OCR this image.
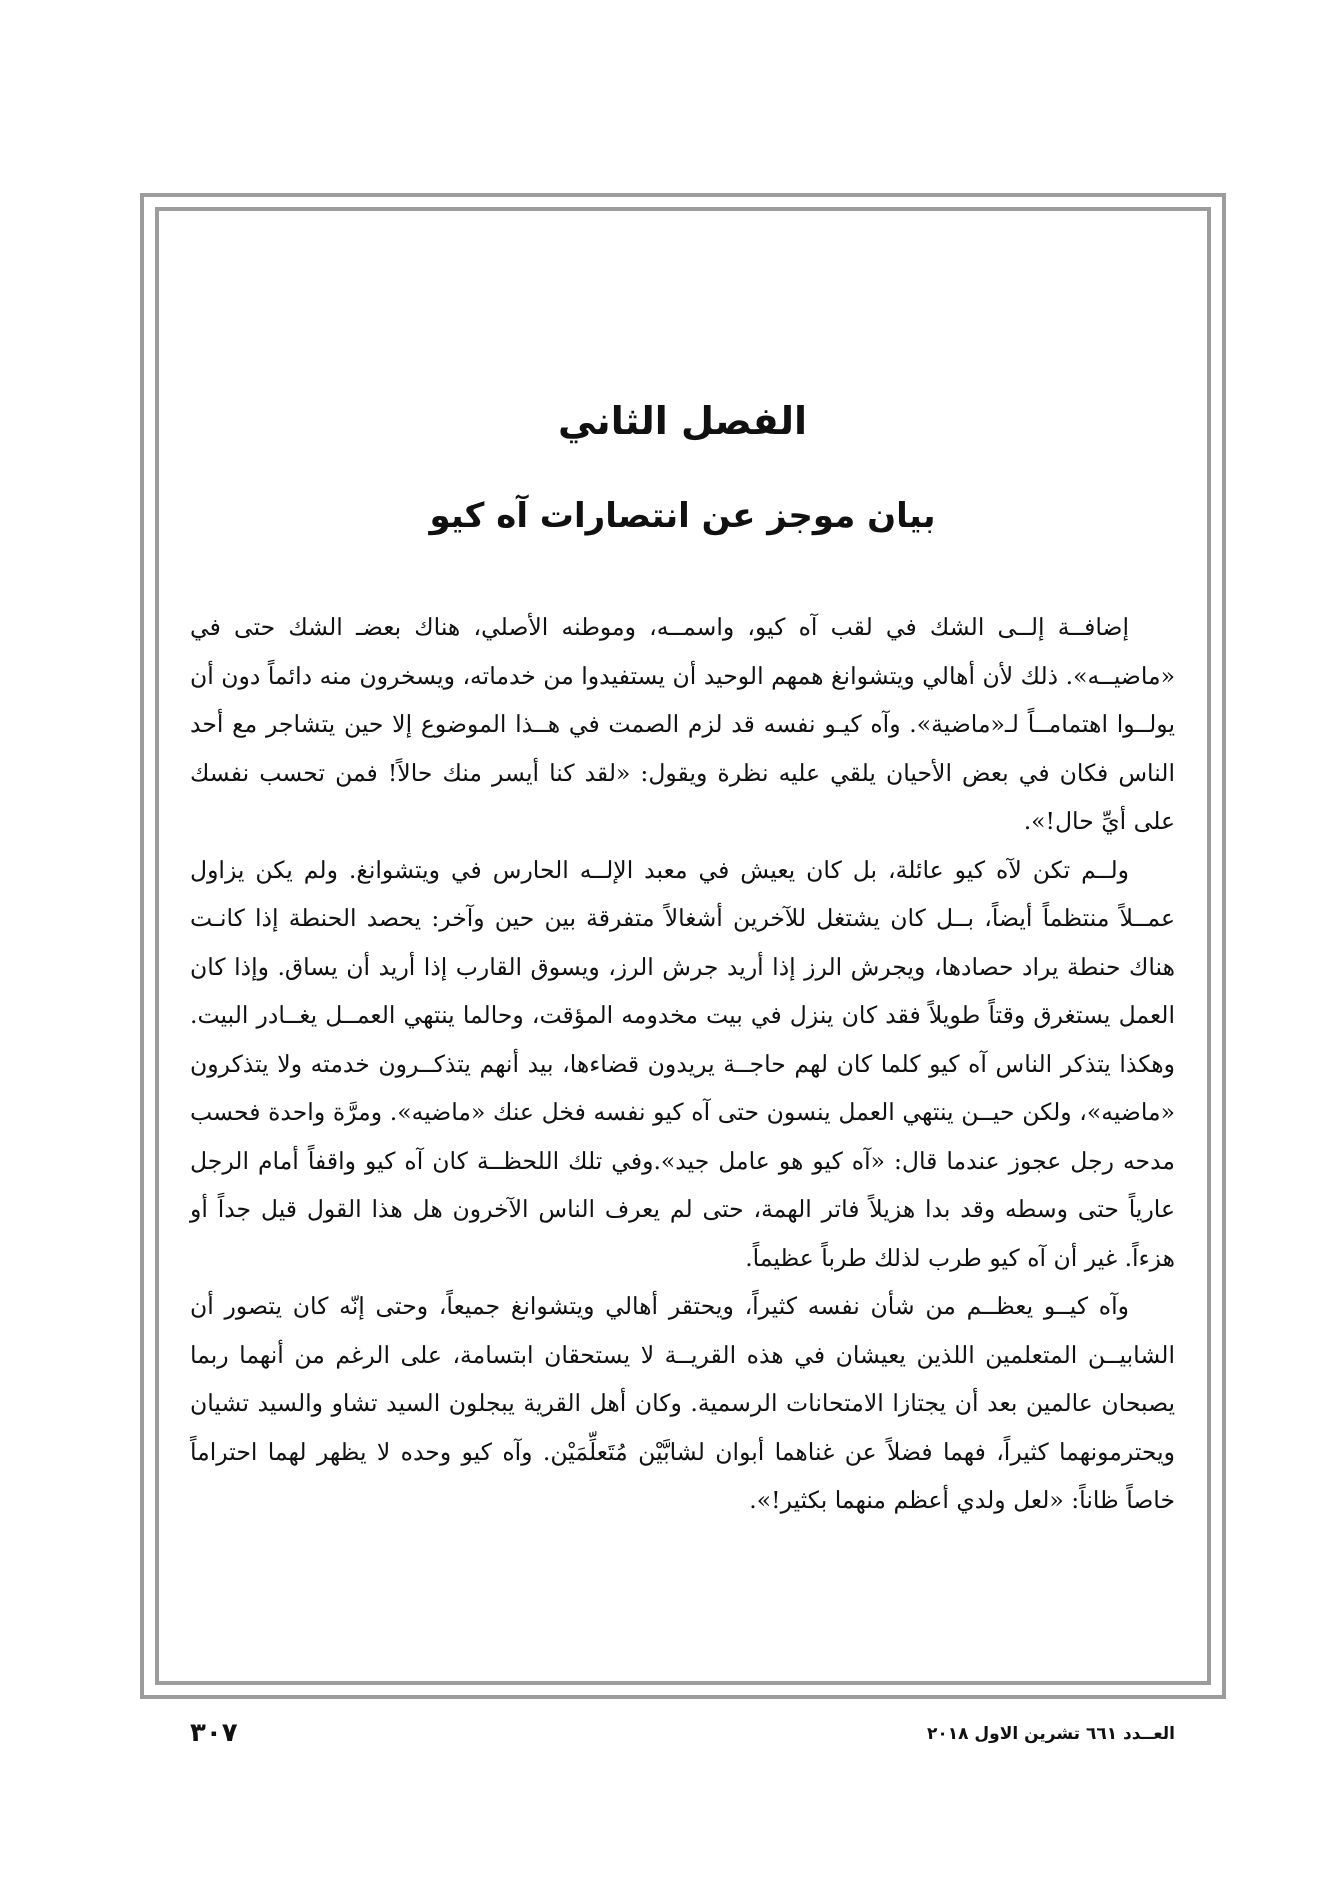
الفصل الثاني
بيان موجز عن انتصارات آه كيو

إضافــة إلــى الشك في لقب آه كيو، واسمــه، وموطنه الأصلي، هناك بعضـ الشك حتى في «ماضيــه». ذلك لأن أهالي ويتشوانغ همهم الوحيد أن يستفيدوا من خدماته، ويسخرون منه دائماً دون أن يولــوا اهتمامــاً لـ«ماضية». وآه كيـو نفسه قد لزم الصمت في هــذا الموضوع إلا حين يتشاجر مع أحد الناس فكان في بعض الأحيان يلقي عليه نظرة ويقول: «لقد كنا أيسر منك حالاً! فمن تحسب نفسك على أيِّ حال!».

ولــم تكن لآه كيو عائلة، بل كان يعيش في معبد الإلــه الحارس في ويتشوانغ. ولم يكن يزاول عمــلاً منتظماً أيضاً، بــل كان يشتغل للآخرين أشغالاً متفرقة بين حين وآخر: يحصد الحنطة إذا كانـت هناك حنطة يراد حصادها، ويجرش الرز إذا أريد جرش الرز، ويسوق القارب إذا أريد أن يساق. وإذا كان العمل يستغرق وقتاً طويلاً فقد كان ينزل في بيت مخدومه المؤقت، وحالما ينتهي العمــل يغــادر البيت. وهكذا يتذكر الناس آه كيو كلما كان لهم حاجــة يريدون قضاءها، بيد أنهم يتذكــرون خدمته ولا يتذكرون «ماضيه»، ولكن حيــن ينتهي العمل ينسون حتى آه كيو نفسه فخل عنك «ماضيه». ومرَّة واحدة فحسب مدحه رجل عجوز عندما قال: «آه كيو هو عامل جيد».وفي تلك اللحظــة كان آه كيو واقفاً أمام الرجل عارياً حتى وسطه وقد بدا هزيلاً فاتر الهمة، حتى لم يعرف الناس الآخرون هل هذا القول قيل جداً أو هزءاً. غير أن آه كيو طرب لذلك طرباً عظيماً.

وآه كيــو يعظــم من شأن نفسه كثيراً، ويحتقر أهالي ويتشوانغ جميعاً، وحتى إنّه كان يتصور أن الشابيــن المتعلمين اللذين يعيشان في هذه القريــة لا يستحقان ابتسامة، على الرغم من أنهما ربما يصبحان عالمين بعد أن يجتازا الامتحانات الرسمية. وكان أهل القرية يبجلون السيد تشاو والسيد تشيان ويحترمونهما كثيراً، فهما فضلاً عن غناهما أبوان لشابَّيْن مُتَعلِّمَيْن. وآه كيو وحده لا يظهر لهما احتراماً خاصاً ظاناً: «لعل ولدي أعظم منهما بكثير!».

العــدد ٦٦١ تشرين الاول ٢٠١٨
٣٠٧
